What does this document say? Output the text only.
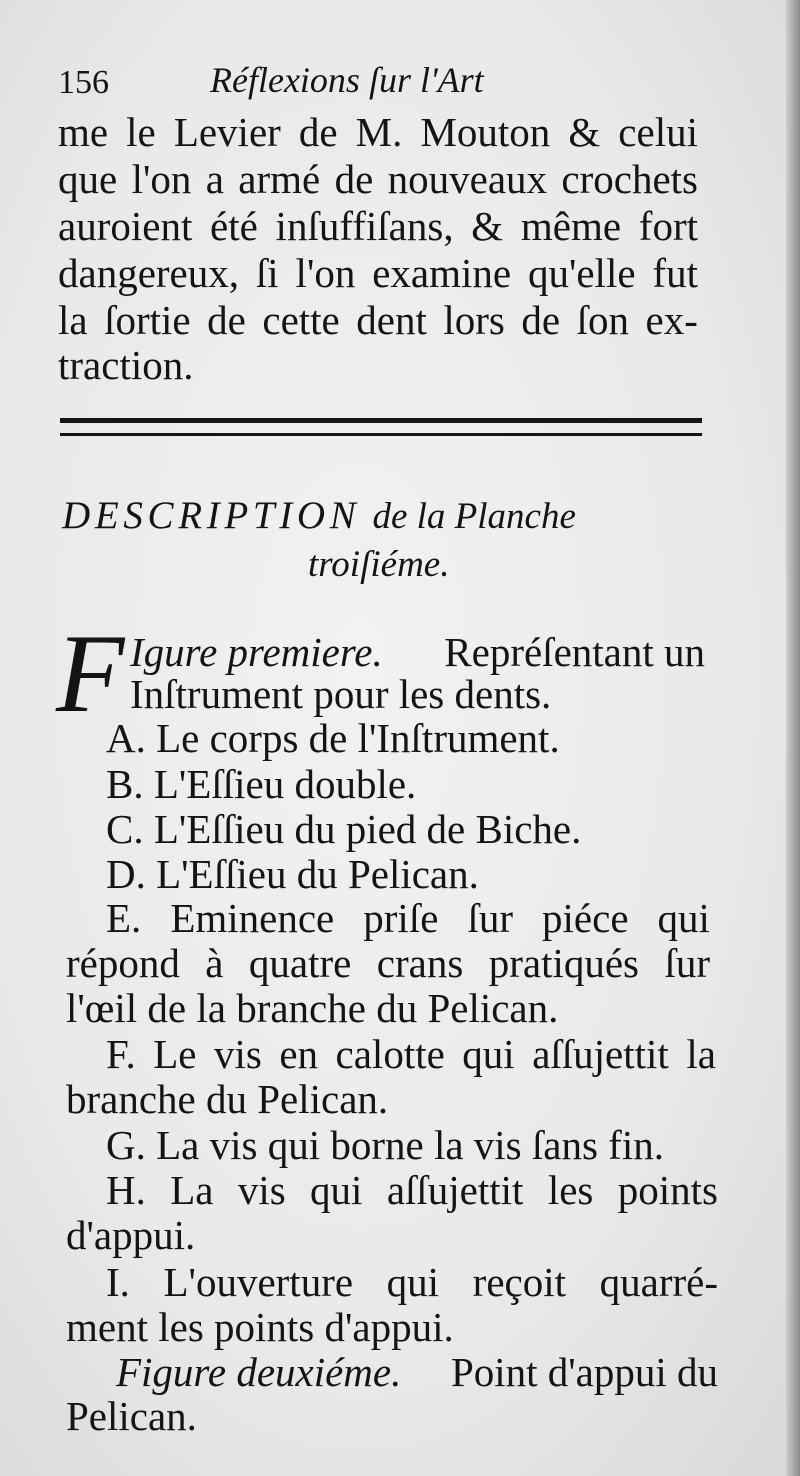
156	Réflexions ſur l'Art
me le Levier de M. Mouton & celui
que l'on a armé de nouveaux crochets
auroient été inſuffiſans, & même fort
dangereux, ſi l'on examine qu'elle fut
la ſortie de cette dent lors de ſon ex-
traction.
DESCRIPTION de la Planche
troiſiéme.
F Igure premiere. Repréſentant un
Inſtrument pour les dents.
A. Le corps de l'Inſtrument.
B. L'Eſſieu double.
C. L'Eſſieu du pied de Biche.
D. L'Eſſieu du Pelican.
E. Eminence priſe ſur piéce qui
répond à quatre crans pratiqués ſur
l'œil de la branche du Pelican.
F. Le vis en calotte qui aſſujettit la
branche du Pelican.
G. La vis qui borne la vis ſans fin.
H. La vis qui aſſujettit les points
d'appui.
I. L'ouverture qui reçoit quarré-
ment les points d'appui.
Figure deuxiéme. Point d'appui du
Pelican.
